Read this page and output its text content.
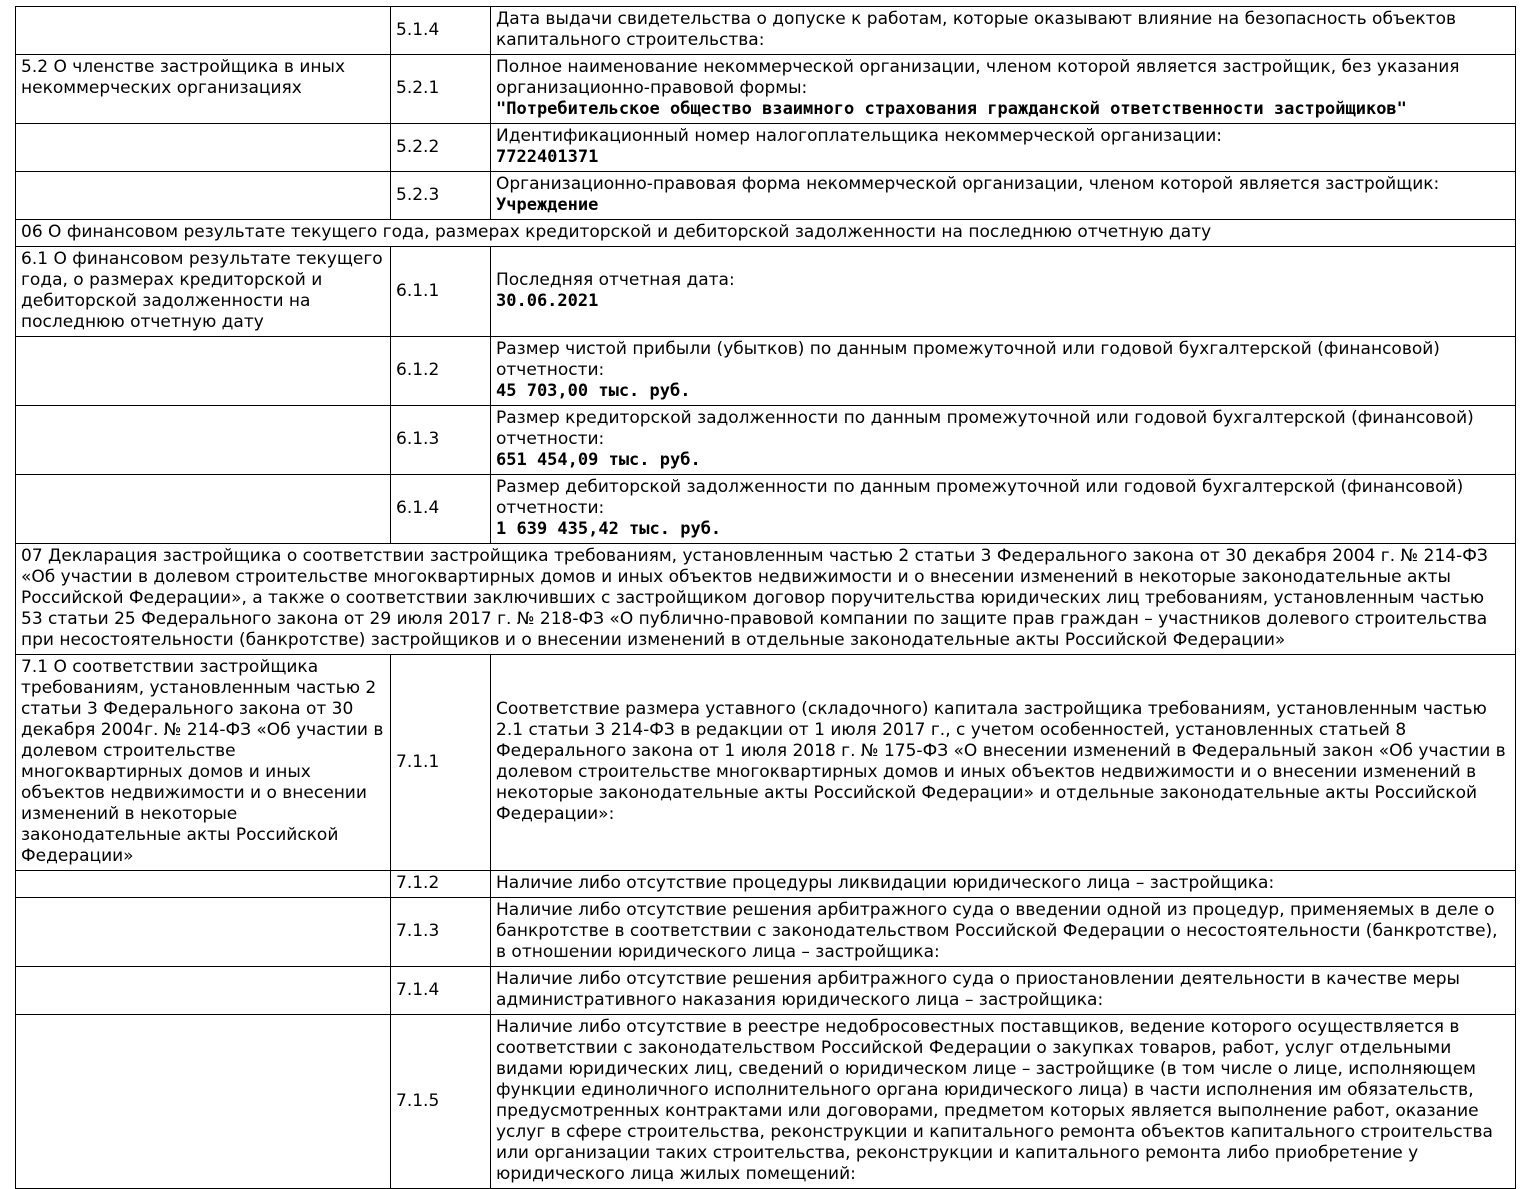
	5.1.4	Дата выдачи свидетельства о допуске к работам, которые оказывают влияние на безопасность объектов капитального строительства:

5.2 О членстве застройщика в иных некоммерческих организациях	5.2.1	Полное наименование некоммерческой организации, членом которой является застройщик, без указания организационно-правовой формы:
"Потребительское общество взаимного страхования гражданской ответственности застройщиков"

	5.2.2	Идентификационный номер налогоплательщика некоммерческой организации:
7722401371

	5.2.3	Организационно-правовая форма некоммерческой организации, членом которой является застройщик:
Учреждение

06 О финансовом результате текущего года, размерах кредиторской и дебиторской задолженности на последнюю отчетную дату		
6.1 О финансовом результате текущего года, о размерах кредиторской и дебиторской задолженности на последнюю отчетную дату	6.1.1	Последняя отчетная дата:
30.06.2021

	6.1.2	Размер чистой прибыли (убытков) по данным промежуточной или годовой бухгалтерской (финансовой) отчетности:
45 703,00 тыс. руб.

	6.1.3	Размер кредиторской задолженности по данным промежуточной или годовой бухгалтерской (финансовой) отчетности:
651 454,09 тыс. руб.

	6.1.4	Размер дебиторской задолженности по данным промежуточной или годовой бухгалтерской (финансовой) отчетности:
1 639 435,42 тыс. руб.

07 Декларация застройщика о соответствии застройщика требованиям, установленным частью 2 статьи 3 Федерального закона от 30 декабря 2004 г. № 214-ФЗ «Об участии в долевом строительстве многоквартирных домов и иных объектов недвижимости и о внесении изменений в некоторые законодательные акты Российской Федерации», а также о соответствии заключивших с застройщиком договор поручительства юридических лиц требованиям, установленным частью 53 статьи 25 Федерального закона от 29 июля 2017 г. № 218-ФЗ «О публично-правовой компании по защите прав граждан – участников долевого строительства при несостоятельности (банкротстве) застройщиков и о внесении изменений в отдельные законодательные акты Российской Федерации»		
7.1 О соответствии застройщика требованиям, установленным частью 2 статьи 3 Федерального закона от 30 декабря 2004г. № 214-ФЗ «Об участии в долевом строительстве многоквартирных домов и иных объектов недвижимости и о внесении изменений в некоторые законодательные акты Российской Федерации»	7.1.1	
Соответствие размера уставного (складочного) капитала застройщика требованиям, установленным частью 2.1 статьи 3 214-ФЗ в редакции от 1 июля 2017 г., с учетом особенностей, установленных статьей 8 Федерального закона от 1 июля 2018 г. № 175-ФЗ «О внесении изменений в Федеральный закон «Об участии в долевом строительстве многоквартирных домов и иных объектов недвижимости и о внесении изменений в некоторые законодательные акты Российской Федерации» и отдельные законодательные акты Российской Федерации»:

	7.1.2	Наличие либо отсутствие процедуры ликвидации юридического лица – застройщика:

	7.1.3	Наличие либо отсутствие решения арбитражного суда о введении одной из процедур, применяемых в деле о банкротстве в соответствии с законодательством Российской Федерации о несостоятельности (банкротстве), в отношении юридического лица – застройщика:

	7.1.4	Наличие либо отсутствие решения арбитражного суда о приостановлении деятельности в качестве меры административного наказания юридического лица – застройщика:

	7.1.5	Наличие либо отсутствие в реестре недобросовестных поставщиков, ведение которого осуществляется в соответствии с законодательством Российской Федерации о закупках товаров, работ, услуг отдельными видами юридических лиц, сведений о юридическом лице – застройщике (в том числе о лице, исполняющем функции единоличного исполнительного органа юридического лица) в части исполнения им обязательств, предусмотренных контрактами или договорами, предметом которых является выполнение работ, оказание услуг в сфере строительства, реконструкции и капитального ремонта объектов капитального строительства или организации таких строительства, реконструкции и капитального ремонта либо приобретение у юридического лица жилых помещений:
